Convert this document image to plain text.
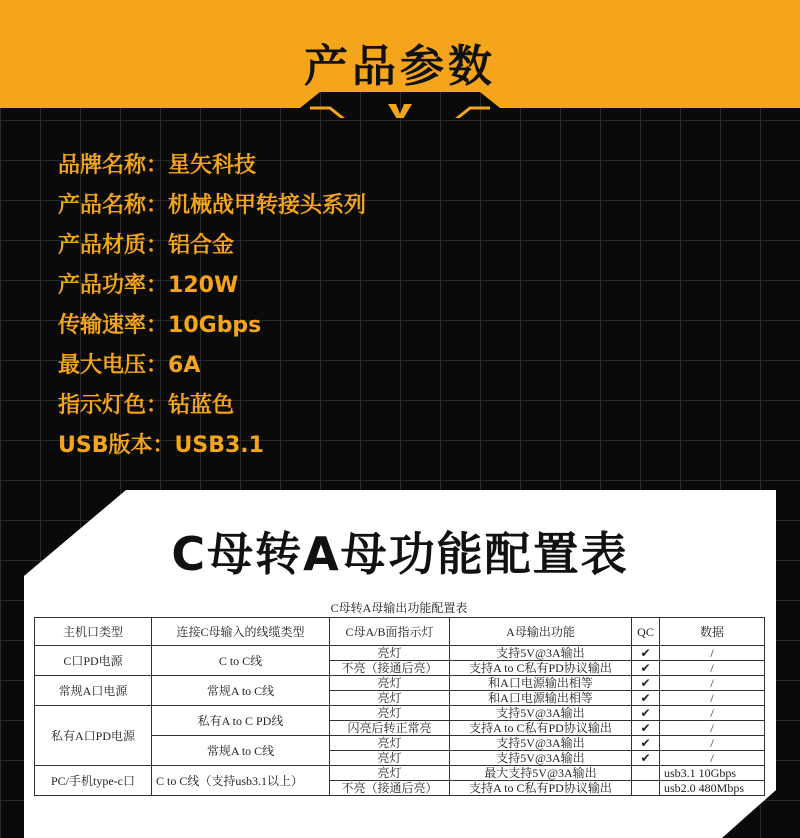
产品参数
品牌名称：星矢科技
产品名称：机械战甲转接头系列
产品材质：铝合金
产品功率：120W
传输速率：10Gbps
最大电压：6A
指示灯色：钻蓝色
USB版本：USB3.1
C母转A母功能配置表
C母转A母输出功能配置表
主机口类型	连接C母输入的线缆类型	C母A/B面指示灯	A母输出功能	QC	数据
C口PD电源	C to C线	亮灯	支持5V@3A输出	✔	/
		不亮（接通后亮）	支持A to C私有PD协议输出	✔	/
常规A口电源	常规A to C线	亮灯	和A口电源输出相等	✔	/
		亮灯	和A口电源输出相等	✔	/
私有A口PD电源	私有A to C PD线	亮灯	支持5V@3A输出	✔	/
		闪亮后转正常亮	支持A to C私有PD协议输出	✔	/
	常规A to C线	亮灯	支持5V@3A输出	✔	/
		亮灯	支持5V@3A输出	✔	/
PC/手机type-c口	C to C线（支持usb3.1以上）	亮灯	最大支持5V@3A输出		usb3.1 10Gbps
		不亮（接通后亮）	支持A to C私有PD协议输出		usb2.0 480Mbps
